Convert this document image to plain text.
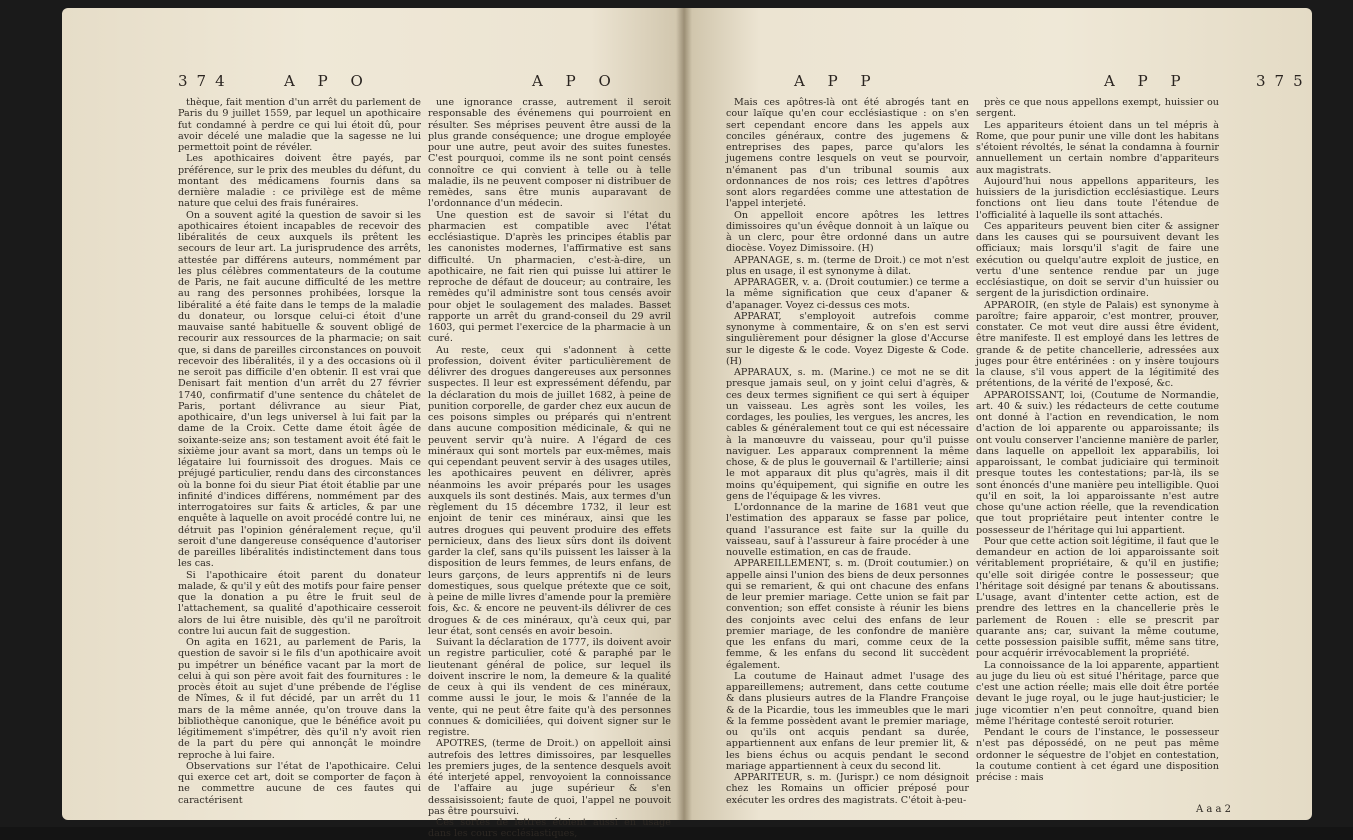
374	A P O	A P O

thèque, fait mention d'un arrêt du parlement de Paris du 9 juillet 1559, par lequel un apothicaire fut condamné à perdre ce qui lui étoit dû, pour avoir décelé une maladie que la sagesse ne lui permettoit point de révéler.

Les apothicaires doivent être payés, par préférence, sur le prix des meubles du défunt, du montant des médicamens fournis dans sa dernière maladie : ce privilège est de même nature que celui des frais funéraires.

On a souvent agité la question de savoir si les apothicaires étoient incapables de recevoir des libéralités de ceux auxquels ils prêtent les secours de leur art. La jurisprudence des arrêts, attestée par différens auteurs, nommément par les plus célèbres commentateurs de la coutume de Paris, ne fait aucune difficulté de les mettre au rang des personnes prohibées, lorsque la libéralité a été faite dans le temps de la maladie du donateur, ou lorsque celui-ci étoit d'une mauvaise santé habituelle & souvent obligé de recourir aux ressources de la pharmacie; on sait que, si dans de pareilles circonstances on pouvoit recevoir des libéralités, il y a des occasions où il ne seroit pas difficile d'en obtenir. Il est vrai que Denisart fait mention d'un arrêt du 27 février 1740, confirmatif d'une sentence du châtelet de Paris, portant délivrance au sieur Piat, apothicaire, d'un legs universel à lui fait par la dame de la Croix. Cette dame étoit âgée de soixante-seize ans; son testament avoit été fait le sixième jour avant sa mort, dans un temps où le légataire lui fournissoit des drogues. Mais ce préjugé particulier, rendu dans des circonstances où la bonne foi du sieur Piat étoit établie par une infinité d'indices différens, nommément par des interrogatoires sur faits & articles, & par une enquête à laquelle on avoit procédé contre lui, ne détruit pas l'opinion généralement reçue, qu'il seroit d'une dangereuse conséquence d'autoriser de pareilles libéralités indistinctement dans tous les cas.

Si l'apothicaire étoit parent du donateur malade, & qu'il y eût des motifs pour faire penser que la donation a pu être le fruit seul de l'attachement, sa qualité d'apothicaire cesseroit alors de lui être nuisible, dès qu'il ne paroîtroit contre lui aucun fait de suggestion.

On agita en 1621, au parlement de Paris, la question de savoir si le fils d'un apothicaire avoit pu impétrer un bénéfice vacant par la mort de celui à qui son père avoit fait des fournitures : le procès étoit au sujet d'une prébende de l'église de Nîmes, & il fut décidé, par un arrêt du 11 mars de la même année, qu'on trouve dans la bibliothèque canonique, que le bénéfice avoit pu légitimement s'impétrer, dès qu'il n'y avoit rien de la part du père qui annonçât le moindre reproche à lui faire.

Observations sur l'état de l'apothicaire. Celui qui exerce cet art, doit se comporter de façon à ne commettre aucune de ces fautes qui caractérisent

une ignorance crasse, autrement il seroit responsable des événemens qui pourroient en résulter. Ses méprises peuvent être aussi de la plus grande conséquence; une drogue employée pour une autre, peut avoir des suites funestes. C'est pourquoi, comme ils ne sont point censés connoître ce qui convient à telle ou à telle maladie, ils ne peuvent composer ni distribuer de remèdes, sans être munis auparavant de l'ordonnance d'un médecin.

Une question est de savoir si l'état du pharmacien est compatible avec l'état ecclésiastique. D'après les principes établis par les canonistes modernes, l'affirmative est sans difficulté. Un pharmacien, c'est-à-dire, un apothicaire, ne fait rien qui puisse lui attirer le reproche de défaut de douceur; au contraire, les remèdes qu'il administre sont tous censés avoir pour objet le soulagement des malades. Basset rapporte un arrêt du grand-conseil du 29 avril 1603, qui permet l'exercice de la pharmacie à un curé.

Au reste, ceux qui s'adonnent à cette profession, doivent éviter particulièrement de délivrer des drogues dangereuses aux personnes suspectes. Il leur est expressément défendu, par la déclaration du mois de juillet 1682, à peine de punition corporelle, de garder chez eux aucun de ces poisons simples ou préparés qui n'entrent dans aucune composition médicinale, & qui ne peuvent servir qu'à nuire. A l'égard de ces minéraux qui sont mortels par eux-mêmes, mais qui cependant peuvent servir à des usages utiles, les apothicaires peuvent en délivrer, après néanmoins les avoir préparés pour les usages auxquels ils sont destinés. Mais, aux termes d'un règlement du 15 décembre 1732, il leur est enjoint de tenir ces minéraux, ainsi que les autres drogues qui peuvent produire des effets pernicieux, dans des lieux sûrs dont ils doivent garder la clef, sans qu'ils puissent les laisser à la disposition de leurs femmes, de leurs enfans, de leurs garçons, de leurs apprentifs ni de leurs domestiques, sous quelque prétexte que ce soit, à peine de mille livres d'amende pour la première fois, &c. & encore ne peuvent-ils délivrer de ces drogues & de ces minéraux, qu'à ceux qui, par leur état, sont censés en avoir besoin.

Suivant la déclaration de 1777, ils doivent avoir un registre particulier, coté & paraphé par le lieutenant général de police, sur lequel ils doivent inscrire le nom, la demeure & la qualité de ceux à qui ils vendent de ces minéraux, comme aussi le jour, le mois & l'année de la vente, qui ne peut être faite qu'à des personnes connues & domiciliées, qui doivent signer sur le registre.

APOTRES, (terme de Droit.) on appelloit ainsi autrefois des lettres dimissoires, par lesquelles les premiers juges, de la sentence desquels avoit été interjeté appel, renvoyoient la connoissance de l'affaire au juge supérieur & s'en dessaisissoient; faute de quoi, l'appel ne pouvoit pas être poursuivi.

Ces sortes de lettres étoient aussi en usage dans les cours ecclésiastiques,

A P P	A P P	375

Mais ces apôtres-là ont été abrogés tant en cour laïque qu'en cour ecclésiastique : on s'en sert cependant encore dans les appels aux conciles généraux, contre des jugemens & entreprises des papes, parce qu'alors les jugemens contre lesquels on veut se pourvoir, n'émanent pas d'un tribunal soumis aux ordonnances de nos rois; ces lettres d'apôtres sont alors regardées comme une attestation de l'appel interjeté.

On appelloit encore apôtres les lettres dimissoires qu'un évêque donnoit à un laïque ou à un clerc, pour être ordonné dans un autre diocèse. Voyez Dimissoire. (H)

APPANAGE, s. m. (terme de Droit.) ce mot n'est plus en usage, il est synonyme à dilat.

APPARAGER, v. a. (Droit coutumier.) ce terme a la même signification que ceux d'apaner & d'apanager. Voyez ci-dessus ces mots.

APPARAT, s'employoit autrefois comme synonyme à commentaire, & on s'en est servi singulièrement pour désigner la glose d'Accurse sur le digeste & le code. Voyez Digeste & Code. (H)

APPARAUX, s. m. (Marine.) ce mot ne se dit presque jamais seul, on y joint celui d'agrès, & ces deux termes signifient ce qui sert à équiper un vaisseau. Les agrès sont les voiles, les cordages, les poulies, les vergues, les ancres, les cables & généralement tout ce qui est nécessaire à la manœuvre du vaisseau, pour qu'il puisse naviguer. Les apparaux comprennent la même chose, & de plus le gouvernail & l'artillerie; ainsi le mot apparaux dit plus qu'agrès, mais il dit moins qu'équipement, qui signifie en outre les gens de l'équipage & les vivres.

L'ordonnance de la marine de 1681 veut que l'estimation des apparaux se fasse par police, quand l'assurance est faite sur la quille du vaisseau, sauf à l'assureur à faire procéder à une nouvelle estimation, en cas de fraude.

APPAREILLEMENT, s. m. (Droit coutumier.) on appelle ainsi l'union des biens de deux personnes qui se remarient, & qui ont chacune des enfans de leur premier mariage. Cette union se fait par convention; son effet consiste à réunir les biens des conjoints avec celui des enfans de leur premier mariage, de les confondre de manière que les enfans du mari, comme ceux de la femme, & les enfans du second lit succèdent également.

La coutume de Hainaut admet l'usage des appareillemens; autrement, dans cette coutume & dans plusieurs autres de la Flandre Françoise & de la Picardie, tous les immeubles que le mari & la femme possèdent avant le premier mariage, ou qu'ils ont acquis pendant sa durée, appartiennent aux enfans de leur premier lit, & les biens échus ou acquis pendant le second mariage appartiennent à ceux du second lit.

APPARITEUR, s. m. (Jurispr.) ce nom désignoit chez les Romains un officier préposé pour exécuter les ordres des magistrats. C'étoit à-peu-

près ce que nous appellons exempt, huissier ou sergent.

Les appariteurs étoient dans un tel mépris à Rome, que pour punir une ville dont les habitans s'étoient révoltés, le sénat la condamna à fournir annuellement un certain nombre d'appariteurs aux magistrats.

Aujourd'hui nous appellons appariteurs, les huissiers de la jurisdiction ecclésiastique. Leurs fonctions ont lieu dans toute l'étendue de l'officialité à laquelle ils sont attachés.

Ces appariteurs peuvent bien citer & assigner dans les causes qui se poursuivent devant les officiaux; mais lorsqu'il s'agit de faire une exécution ou quelqu'autre exploit de justice, en vertu d'une sentence rendue par un juge ecclésiastique, on doit se servir d'un huissier ou sergent de la jurisdiction ordinaire.

APPAROIR, (en style de Palais) est synonyme à paroître; faire apparoir, c'est montrer, prouver, constater. Ce mot veut dire aussi être évident, être manifeste. Il est employé dans les lettres de grande & de petite chancellerie, adressées aux juges pour être entérinées : on y insère toujours la clause, s'il vous appert de la légitimité des prétentions, de la vérité de l'exposé, &c.

APPAROISSANT, loi, (Coutume de Normandie, art. 40 & suiv.) les rédacteurs de cette coutume ont donné à l'action en revendication, le nom d'action de loi apparente ou apparoissante; ils ont voulu conserver l'ancienne manière de parler, dans laquelle on appelloit lex apparabilis, loi apparoissant, le combat judiciaire qui terminoit presque toutes les contestations; par-là, ils se sont énoncés d'une manière peu intelligible. Quoi qu'il en soit, la loi apparoissante n'est autre chose qu'une action réelle, que la revendication que tout propriétaire peut intenter contre le possesseur de l'héritage qui lui appartient.

Pour que cette action soit légitime, il faut que le demandeur en action de loi apparoissante soit véritablement propriétaire, & qu'il en justifie; qu'elle soit dirigée contre le possesseur; que l'héritage soit désigné par tenans & aboutissans. L'usage, avant d'intenter cette action, est de prendre des lettres en la chancellerie près le parlement de Rouen : elle se prescrit par quarante ans; car, suivant la même coutume, cette possession paisible suffit, même sans titre, pour acquérir irrévocablement la propriété.

La connoissance de la loi apparente, appartient au juge du lieu où est situé l'héritage, parce que c'est une action réelle; mais elle doit être portée devant le juge royal, ou le juge haut-justicier; le juge vicomtier n'en peut connoître, quand bien même l'héritage contesté seroit roturier.

Pendant le cours de l'instance, le possesseur n'est pas dépossédé, on ne peut pas même ordonner le séquestre de l'objet en contestation, la coutume contient à cet égard une disposition précise : mais

A a a 2
